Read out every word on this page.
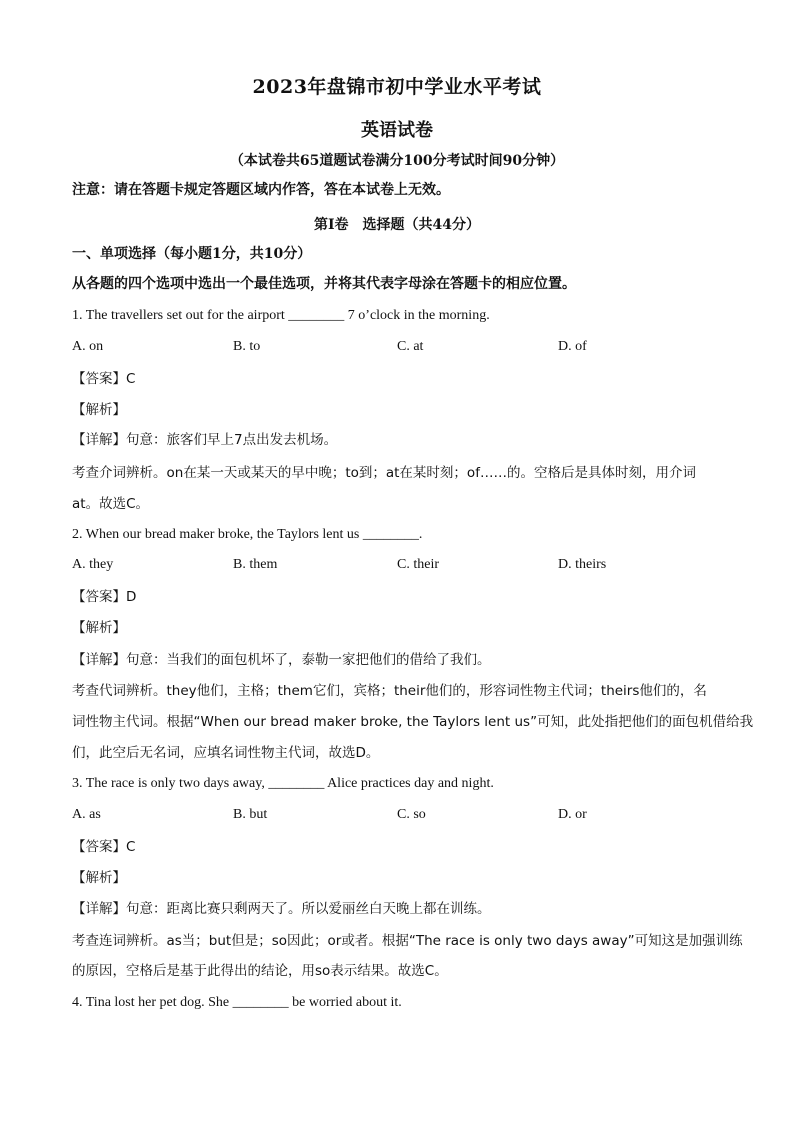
2023年盘锦市初中学业水平考试
英语试卷
（本试卷共65道题试卷满分100分考试时间90分钟）
注意：请在答题卡规定答题区域内作答，答在本试卷上无效。
第Ⅰ卷　选择题（共44分）
一、单项选择（每小题1分，共10分）
从各题的四个选项中选出一个最佳选项，并将其代表字母涂在答题卡的相应位置。
1. The travellers set out for the airport ________ 7 o’clock in the morning.
A. on	B. to	C. at	D. of
【答案】C
【解析】
【详解】句意：旅客们早上7点出发去机场。
考查介词辨析。on在某一天或某天的早中晚；to到；at在某时刻；of……的。空格后是具体时刻，用介词
at。故选C。
2. When our bread maker broke, the Taylors lent us ________.
A. they	B. them	C. their	D. theirs
【答案】D
【解析】
【详解】句意：当我们的面包机坏了，泰勒一家把他们的借给了我们。
考查代词辨析。they他们，主格；them它们，宾格；their他们的，形容词性物主代词；theirs他们的，名
词性物主代词。根据“When our bread maker broke, the Taylors lent us”可知，此处指把他们的面包机借给我
们，此空后无名词，应填名词性物主代词，故选D。
3. The race is only two days away, ________ Alice practices day and night.
A. as	B. but	C. so	D. or
【答案】C
【解析】
【详解】句意：距离比赛只剩两天了。所以爱丽丝白天晚上都在训练。
考查连词辨析。as当；but但是；so因此；or或者。根据“The race is only two days away”可知这是加强训练
的原因，空格后是基于此得出的结论，用so表示结果。故选C。
4. Tina lost her pet dog. She ________ be worried about it.
